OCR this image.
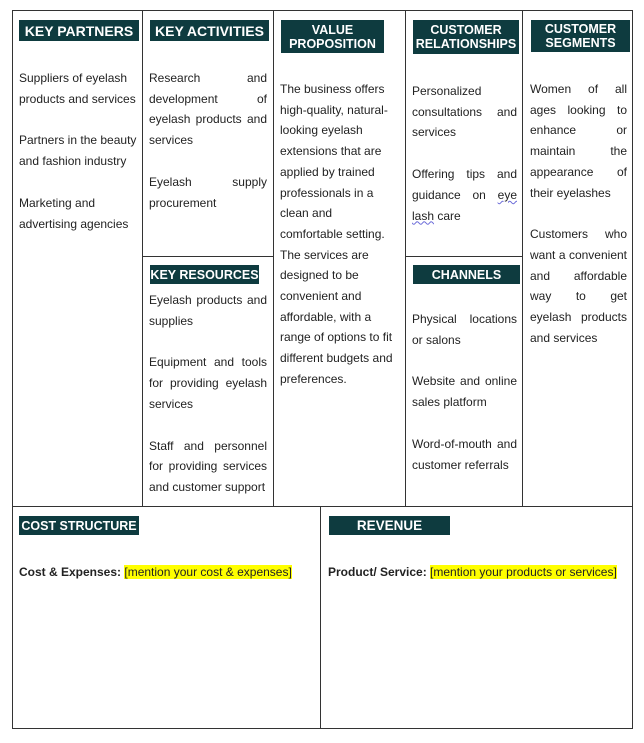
KEY PARTNERS

Suppliers of eyelash products and services

Partners in the beauty and fashion industry

Marketing and advertising agencies

KEY ACTIVITIES

Research and development of eyelash products and services

Eyelash supply procurement

KEY RESOURCES

Eyelash products and supplies

Equipment and tools for providing eyelash services

Staff and personnel for providing services and customer support

VALUE
PROPOSITION

The business offers high-quality, natural-looking eyelash extensions that are applied by trained professionals in a clean and comfortable setting. The services are designed to be convenient and affordable, with a range of options to fit different budgets and preferences.

CUSTOMER
RELATIONSHIPS

Personalized consultations and services

Offering tips and guidance on eye lash care

CHANNELS

Physical locations or salons

Website and online sales platform

Word-of-mouth and customer referrals

CUSTOMER
SEGMENTS

Women of all ages looking to enhance or maintain the appearance of their eyelashes

Customers who want a convenient and affordable way to get eyelash products and services

COST STRUCTURE
Cost & Expenses: [mention your cost & expenses]
REVENUE
Product/ Service: [mention your products or services]
